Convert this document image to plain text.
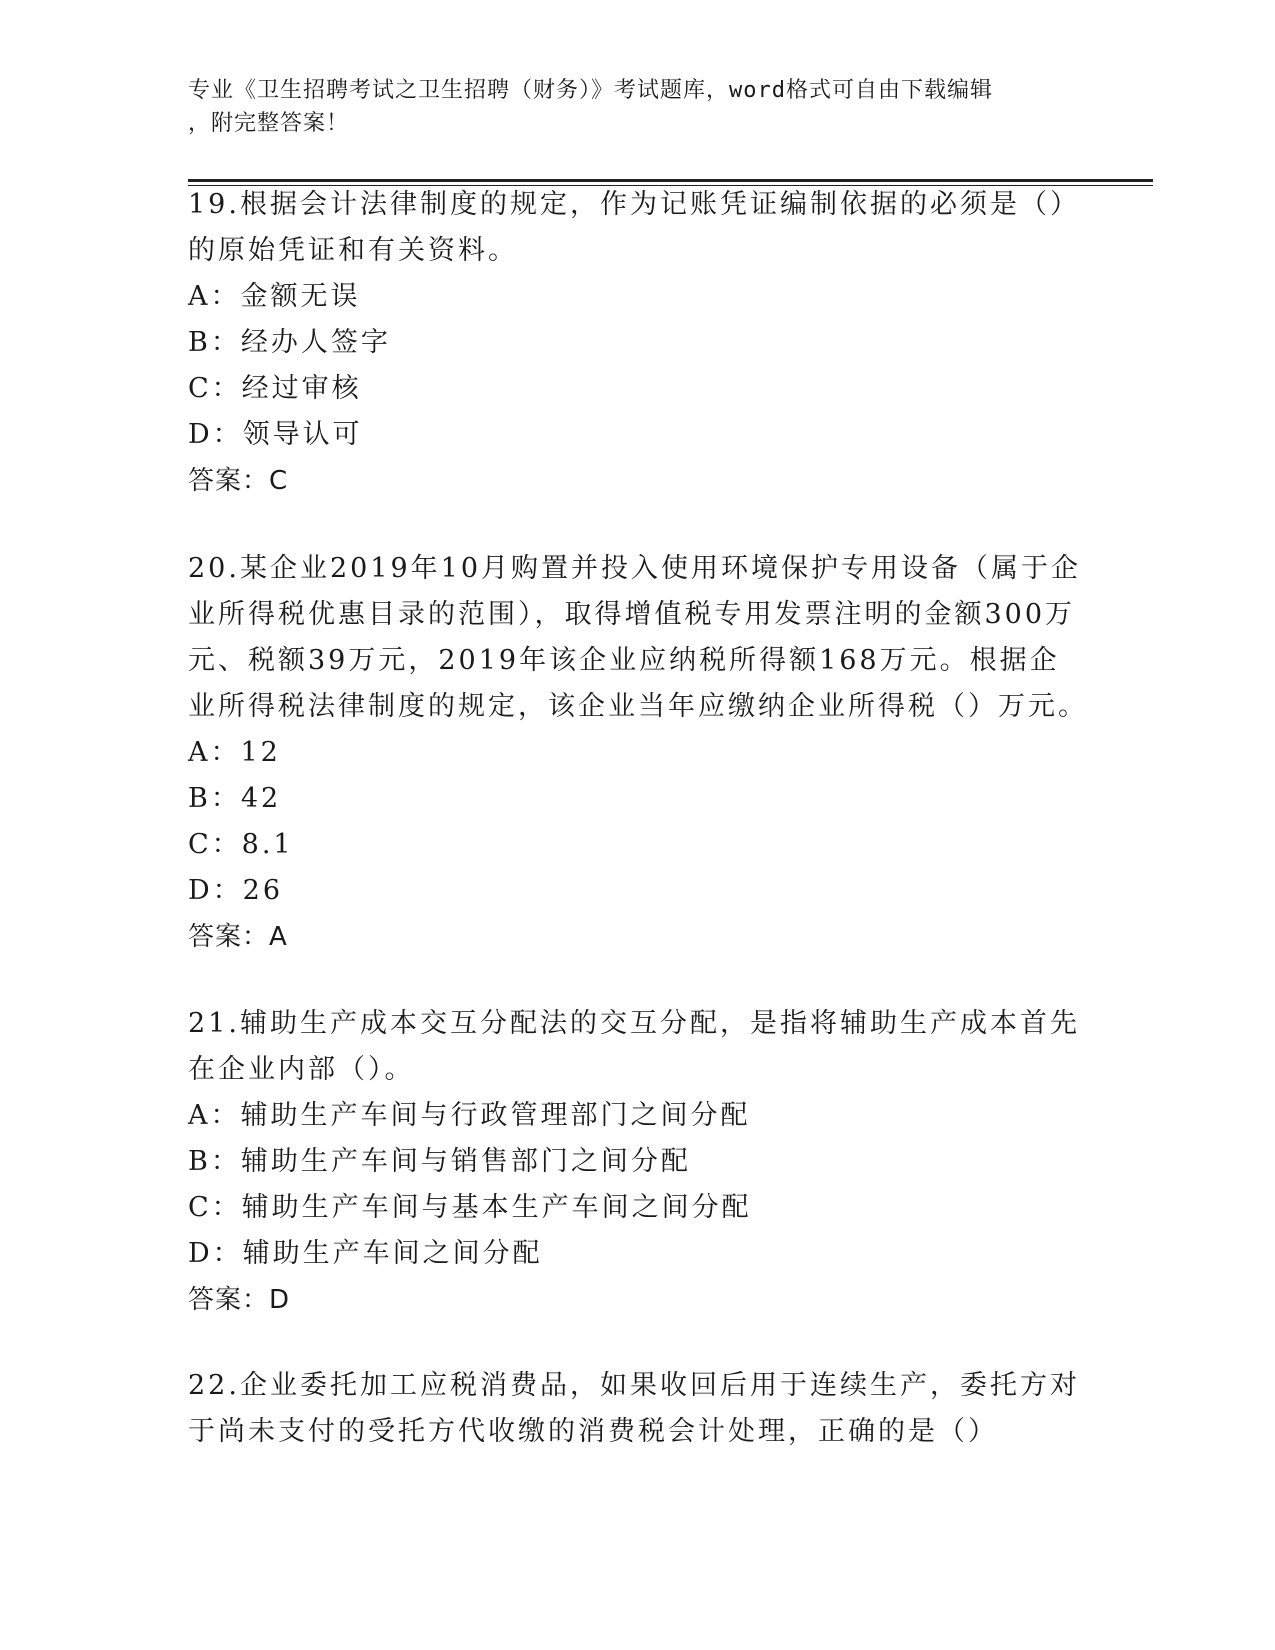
专业《卫生招聘考试之卫生招聘（财务）》考试题库，word格式可自由下载编辑
，附完整答案！

19.根据会计法律制度的规定，作为记账凭证编制依据的必须是（）的原始凭证和有关资料。

A：金额无误
B：经办人签字
C：经过审核
D：领导认可
答案：C

20.某企业2019年10月购置并投入使用环境保护专用设备（属于企业所得税优惠目录的范围），取得增值税专用发票注明的金额300万元、税额39万元，2019年该企业应纳税所得额168万元。根据企业所得税法律制度的规定，该企业当年应缴纳企业所得税（）万元。

A：12
B：42
C：8.1
D：26
答案：A

21.辅助生产成本交互分配法的交互分配，是指将辅助生产成本首先在企业内部（）。

A：辅助生产车间与行政管理部门之间分配
B：辅助生产车间与销售部门之间分配
C：辅助生产车间与基本生产车间之间分配
D：辅助生产车间之间分配
答案：D

22.企业委托加工应税消费品，如果收回后用于连续生产，委托方对于尚未支付的受托方代收缴的消费税会计处理，正确的是（）
